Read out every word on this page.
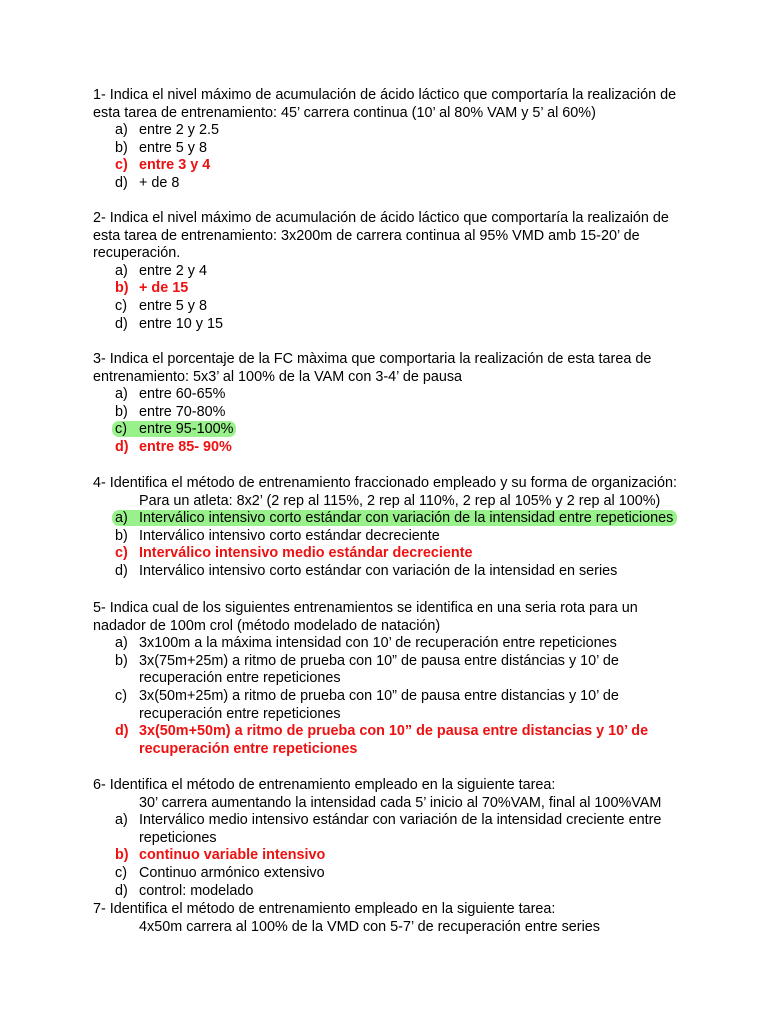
1- Indica el nivel máximo de acumulación de ácido láctico que comportaría la realización de
esta tarea de entrenamiento: 45’ carrera continua (10’ al 80% VAM y 5’ al 60%)
a) entre 2 y 2.5
b) entre 5 y 8
c) entre 3 y 4
d) + de 8
2- Indica el nivel máximo de acumulación de ácido láctico que comportaría la realizaión de
esta tarea de entrenamiento: 3x200m de carrera continua al 95% VMD amb 15-20’ de
recuperación.
a) entre 2 y 4
b) + de 15
c) entre 5 y 8
d) entre 10 y 15
3- Indica el porcentaje de la FC màxima que comportaria la realización de esta tarea de
entrenamiento: 5x3’ al 100% de la VAM con 3-4’ de pausa
a) entre 60-65%
b) entre 70-80%
c) entre 95-100%
d) entre 85- 90%
4- Identifica el método de entrenamiento fraccionado empleado y su forma de organización:
Para un atleta: 8x2’ (2 rep al 115%, 2 rep al 110%, 2 rep al 105% y 2 rep al 100%)
a) Interválico intensivo corto estándar con variación de la intensidad entre repeticiones
b) Interválico intensivo corto estándar decreciente
c) Interválico intensivo medio estándar decreciente
d) Interválico intensivo corto estándar con variación de la intensidad en series
5- Indica cual de los siguientes entrenamientos se identifica en una seria rota para un
nadador de 100m crol (método modelado de natación)
a) 3x100m a la máxima intensidad con 10’ de recuperación entre repeticiones
b) 3x(75m+25m) a ritmo de prueba con 10” de pausa entre distáncias y 10’ de
recuperación entre repeticiones
c) 3x(50m+25m) a ritmo de prueba con 10” de pausa entre distancias y 10’ de
recuperación entre repeticiones
d) 3x(50m+50m) a ritmo de prueba con 10” de pausa entre distancias y 10’ de
recuperación entre repeticiones
6- Identifica el método de entrenamiento empleado en la siguiente tarea:
30’ carrera aumentando la intensidad cada 5’ inicio al 70%VAM, final al 100%VAM
a) Interválico medio intensivo estándar con variación de la intensidad creciente entre
repeticiones
b) continuo variable intensivo
c) Continuo armónico extensivo
d) control: modelado
7- Identifica el método de entrenamiento empleado en la siguiente tarea:
4x50m carrera al 100% de la VMD con 5-7’ de recuperación entre series
